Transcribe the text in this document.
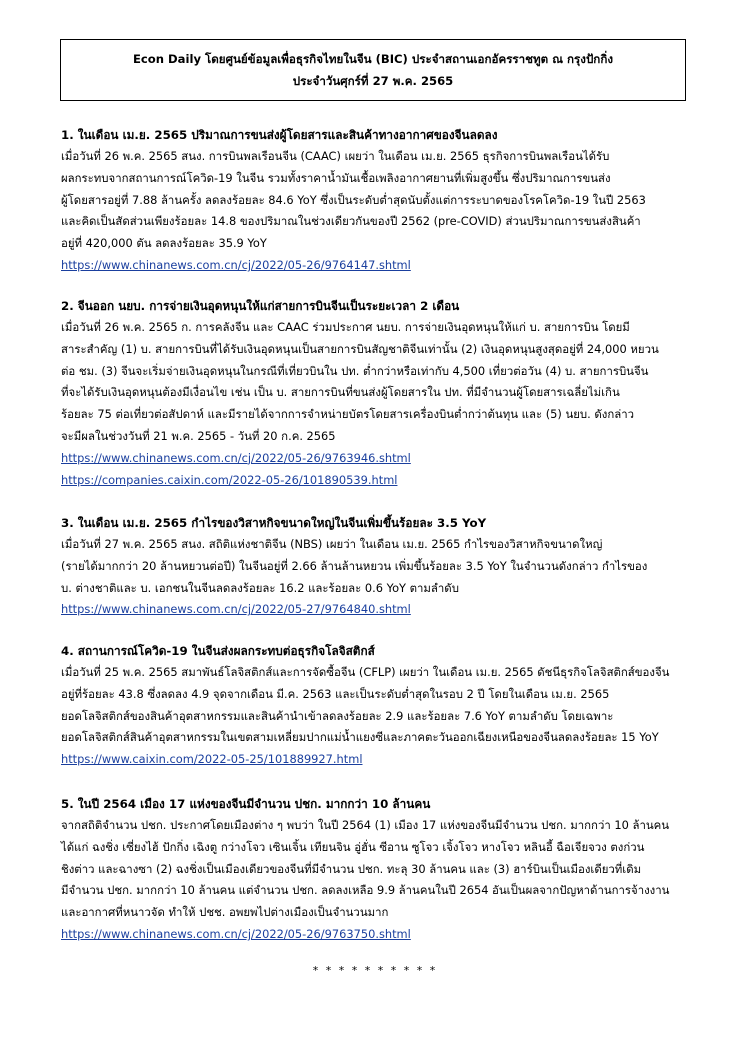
Econ Daily โดยศูนย์ข้อมูลเพื่อธุรกิจไทยในจีน (BIC) ประจำสถานเอกอัครราชทูต ณ กรุงปักกิ่ง
ประจำวันศุกร์ที่ 27 พ.ค. 2565
1. ในเดือน เม.ย. 2565 ปริมาณการขนส่งผู้โดยสารและสินค้าทางอากาศของจีนลดลง
เมื่อวันที่ 26 พ.ค. 2565 สนง. การบินพลเรือนจีน (CAAC) เผยว่า ในเดือน เม.ย. 2565 ธุรกิจการบินพลเรือนได้รับ
ผลกระทบจากสถานการณ์โควิด-19 ในจีน รวมทั้งราคาน้ำมันเชื้อเพลิงอากาศยานที่เพิ่มสูงขึ้น ซึ่งปริมาณการขนส่ง
ผู้โดยสารอยู่ที่ 7.88 ล้านครั้ง ลดลงร้อยละ 84.6 YoY ซึ่งเป็นระดับต่ำสุดนับตั้งแต่การระบาดของโรคโควิด-19 ในปี 2563
และคิดเป็นสัดส่วนเพียงร้อยละ 14.8 ของปริมาณในช่วงเดียวกันของปี 2562 (pre-COVID) ส่วนปริมาณการขนส่งสินค้า
อยู่ที่ 420,000 ตัน ลดลงร้อยละ 35.9 YoY
https://www.chinanews.com.cn/cj/2022/05-26/9764147.shtml
2. จีนออก นยบ. การจ่ายเงินอุดหนุนให้แก่สายการบินจีนเป็นระยะเวลา 2 เดือน
เมื่อวันที่ 26 พ.ค. 2565 ก. การคลังจีน และ CAAC ร่วมประกาศ นยบ. การจ่ายเงินอุดหนุนให้แก่ บ. สายการบิน โดยมี
สาระสำคัญ (1) บ. สายการบินที่ได้รับเงินอุดหนุนเป็นสายการบินสัญชาติจีนเท่านั้น (2) เงินอุดหนุนสูงสุดอยู่ที่ 24,000 หยวน
ต่อ ชม. (3) จีนจะเริ่มจ่ายเงินอุดหนุนในกรณีที่เที่ยวบินใน ปท. ต่ำกว่าหรือเท่ากับ 4,500 เที่ยวต่อวัน (4) บ. สายการบินจีน
ที่จะได้รับเงินอุดหนุนต้องมีเงื่อนไข เช่น เป็น บ. สายการบินที่ขนส่งผู้โดยสารใน ปท. ที่มีจำนวนผู้โดยสารเฉลี่ยไม่เกิน
ร้อยละ 75 ต่อเที่ยวต่อสัปดาห์ และมีรายได้จากการจำหน่ายบัตรโดยสารเครื่องบินต่ำกว่าต้นทุน และ (5) นยบ. ดังกล่าว
จะมีผลในช่วงวันที่ 21 พ.ค. 2565 - วันที่ 20 ก.ค. 2565
https://www.chinanews.com.cn/cj/2022/05-26/9763946.shtml
https://companies.caixin.com/2022-05-26/101890539.html
3. ในเดือน เม.ย. 2565 กำไรของวิสาหกิจขนาดใหญ่ในจีนเพิ่มขึ้นร้อยละ 3.5 YoY
เมื่อวันที่ 27 พ.ค. 2565 สนง. สถิติแห่งชาติจีน (NBS) เผยว่า ในเดือน เม.ย. 2565 กำไรของวิสาหกิจขนาดใหญ่
(รายได้มากกว่า 20 ล้านหยวนต่อปี) ในจีนอยู่ที่ 2.66 ล้านล้านหยวน เพิ่มขึ้นร้อยละ 3.5 YoY ในจำนวนดังกล่าว กำไรของ
บ. ต่างชาติและ บ. เอกชนในจีนลดลงร้อยละ 16.2 และร้อยละ 0.6 YoY ตามลำดับ
https://www.chinanews.com.cn/cj/2022/05-27/9764840.shtml
4. สถานการณ์โควิด-19 ในจีนส่งผลกระทบต่อธุรกิจโลจิสติกส์
เมื่อวันที่ 25 พ.ค. 2565 สมาพันธ์โลจิสติกส์และการจัดซื้อจีน (CFLP) เผยว่า ในเดือน เม.ย. 2565 ดัชนีธุรกิจโลจิสติกส์ของจีน
อยู่ที่ร้อยละ 43.8 ซึ่งลดลง 4.9 จุดจากเดือน มี.ค. 2563 และเป็นระดับต่ำสุดในรอบ 2 ปี โดยในเดือน เม.ย. 2565
ยอดโลจิสติกส์ของสินค้าอุตสาหกรรมและสินค้านำเข้าลดลงร้อยละ 2.9 และร้อยละ 7.6 YoY ตามลำดับ โดยเฉพาะ
ยอดโลจิสติกส์สินค้าอุตสาหกรรมในเขตสามเหลี่ยมปากแม่น้ำแยงซีและภาคตะวันออกเฉียงเหนือของจีนลดลงร้อยละ 15 YoY
https://www.caixin.com/2022-05-25/101889927.html
5. ในปี 2564 เมือง 17 แห่งของจีนมีจำนวน ปชก. มากกว่า 10 ล้านคน
จากสถิติจำนวน ปชก. ประกาศโดยเมืองต่าง ๆ พบว่า ในปี 2564 (1) เมือง 17 แห่งของจีนมีจำนวน ปชก. มากกว่า 10 ล้านคน
ได้แก่ ฉงชิ่ง เซี่ยงไฮ้ ปักกิ่ง เฉิงตู กว่างโจว เซินเจิ้น เทียนจิน อู่ฮั่น ซีอาน ซูโจว เจิ้งโจว หางโจว หลินอี้ ฉือเจียจวง ตงก่วน
ชิงต่าว และฉางซา (2) ฉงชิ่งเป็นเมืองเดียวของจีนที่มีจำนวน ปชก. ทะลุ 30 ล้านคน และ (3) ฮาร์บินเป็นเมืองเดียวที่เดิม
มีจำนวน ปชก. มากกว่า 10 ล้านคน แต่จำนวน ปชก. ลดลงเหลือ 9.9 ล้านคนในปี 2654 อันเป็นผลจากปัญหาด้านการจ้างงาน
และอากาศที่หนาวจัด ทำให้ ปชช. อพยพไปต่างเมืองเป็นจำนวนมาก
https://www.chinanews.com.cn/cj/2022/05-26/9763750.shtml
* * * * * * * * * *
